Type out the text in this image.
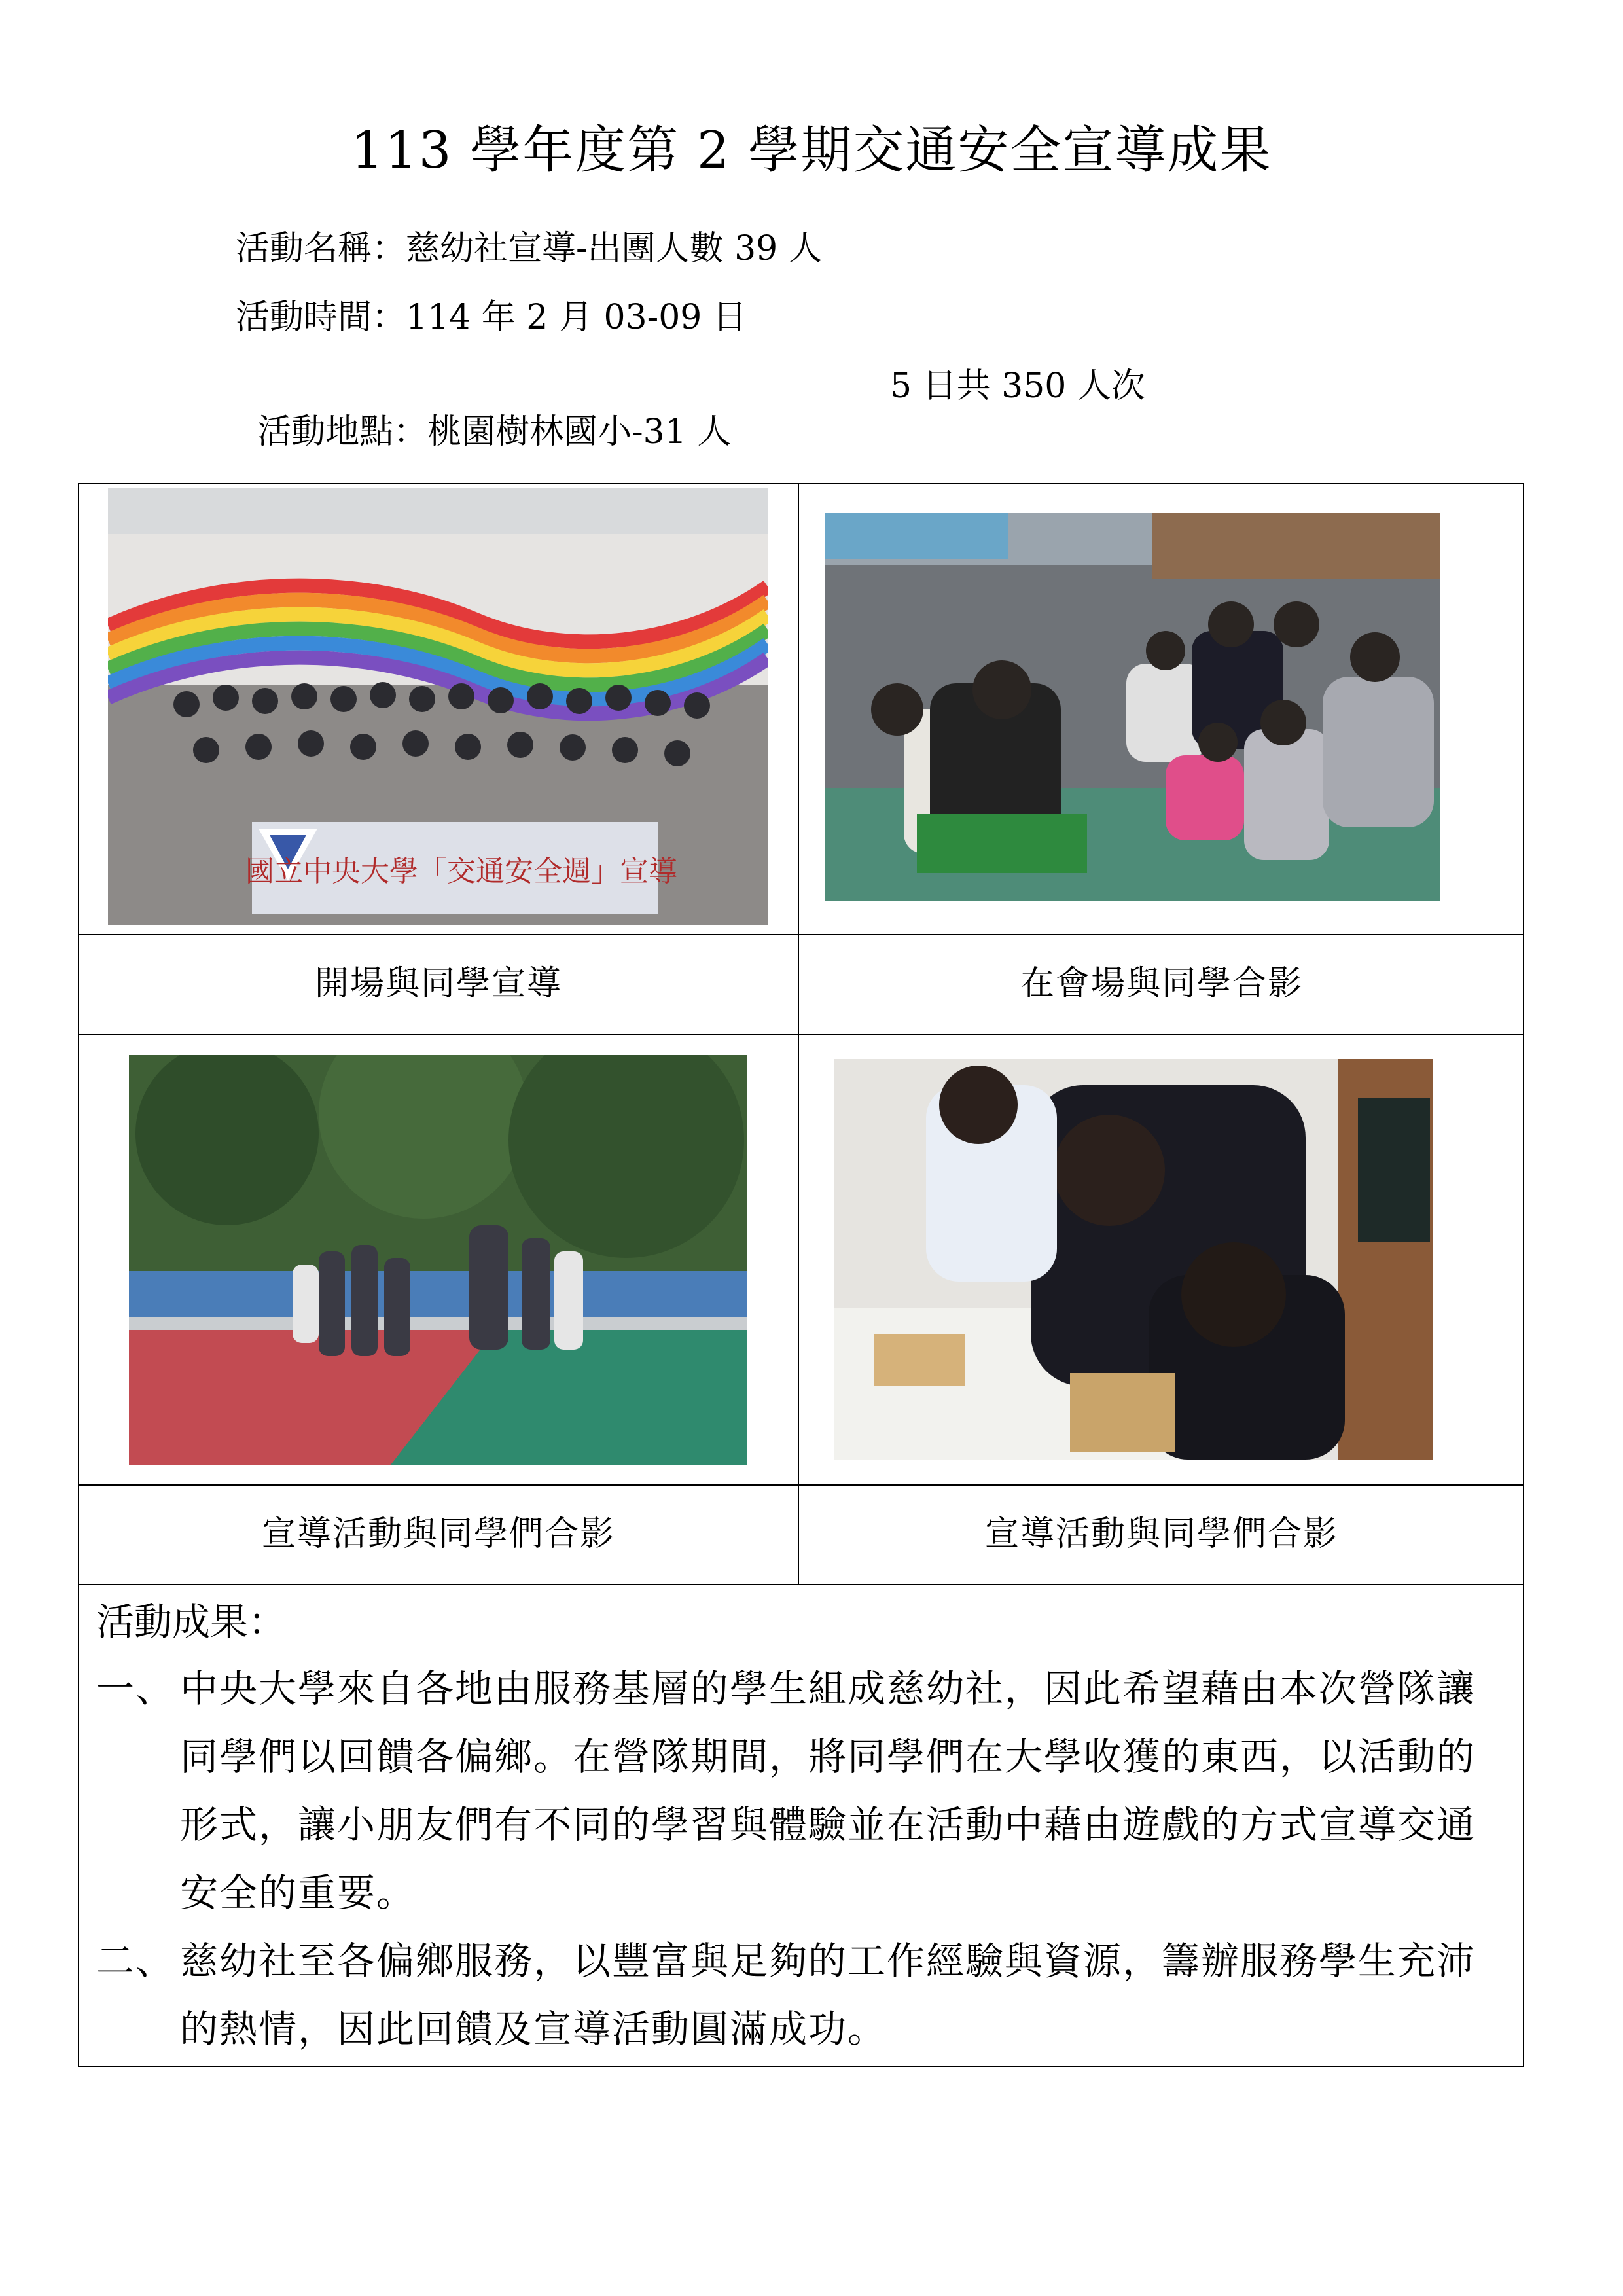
113 學年度第 2 學期交通安全宣導成果
活動名稱：慈幼社宣導-出團人數 39 人
活動時間：114 年 2 月 03-09 日

活動地點：桃園樹林國小-31 人

5 日共 350 人次

國立中央大學「交通安全週」宣導
開場與同學宣導	在會場與同學合影
宣導活動與同學們合影	宣導活動與同學們合影
活動成果：
一、 中央大學來自各地由服務基層的學生組成慈幼社，因此希望藉由本次營隊讓同學們以回饋各偏鄉。在營隊期間，將同學們在大學收獲的東西，以活動的形式，讓小朋友們有不同的學習與體驗並在活動中藉由遊戲的方式宣導交通安全的重要。
二、 慈幼社至各偏鄉服務，以豐富與足夠的工作經驗與資源，籌辦服務學生充沛的熱情，因此回饋及宣導活動圓滿成功。
